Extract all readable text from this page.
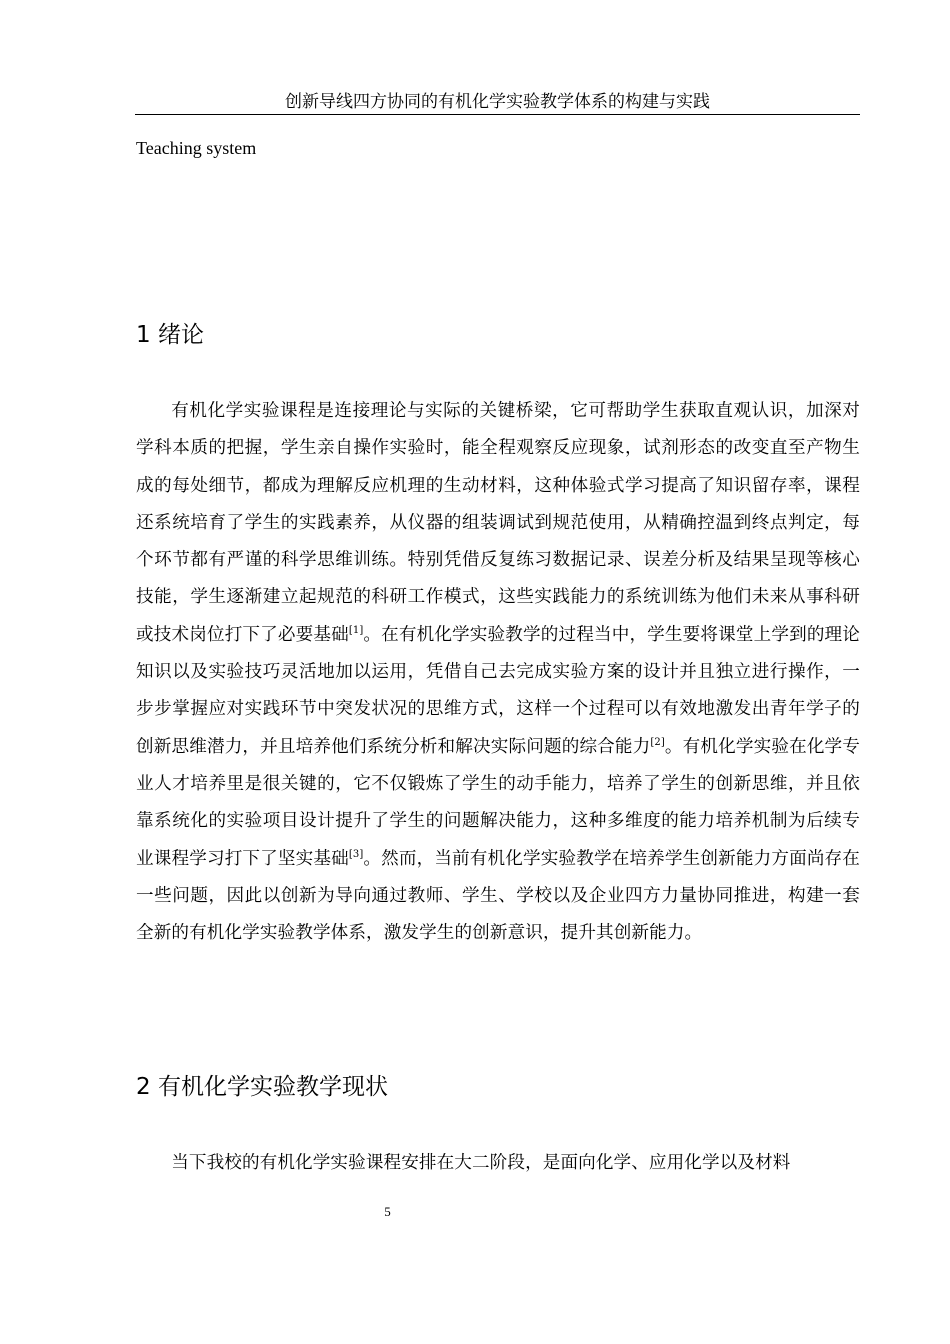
创新导线四方协同的有机化学实验教学体系的构建与实践
Teaching system
1 绪论

有机化学实验课程是连接理论与实际的关键桥梁，它可帮助学生获取直观认识，加深对学科本质的把握，学生亲自操作实验时，能全程观察反应现象，试剂形态的改变直至产物生成的每处细节，都成为理解反应机理的生动材料，这种体验式学习提高了知识留存率，课程还系统培育了学生的实践素养，从仪器的组装调试到规范使用，从精确控温到终点判定，每个环节都有严谨的科学思维训练。特别凭借反复练习数据记录、误差分析及结果呈现等核心技能，学生逐渐建立起规范的科研工作模式，这些实践能力的系统训练为他们未来从事科研或技术岗位打下了必要基础[1]。在有机化学实验教学的过程当中，学生要将课堂上学到的理论知识以及实验技巧灵活地加以运用，凭借自己去完成实验方案的设计并且独立进行操作，一步步掌握应对实践环节中突发状况的思维方式，这样一个过程可以有效地激发出青年学子的创新思维潜力，并且培养他们系统分析和解决实际问题的综合能力[2]。有机化学实验在化学专业人才培养里是很关键的，它不仅锻炼了学生的动手能力，培养了学生的创新思维，并且依靠系统化的实验项目设计提升了学生的问题解决能力，这种多维度的能力培养机制为后续专业课程学习打下了坚实基础[3]。然而，当前有机化学实验教学在培养学生创新能力方面尚存在一些问题，因此以创新为导向通过教师、学生、学校以及企业四方力量协同推进，构建一套全新的有机化学实验教学体系，激发学生的创新意识，提升其创新能力。

2 有机化学实验教学现状

当下我校的有机化学实验课程安排在大二阶段，是面向化学、应用化学以及材料

5
